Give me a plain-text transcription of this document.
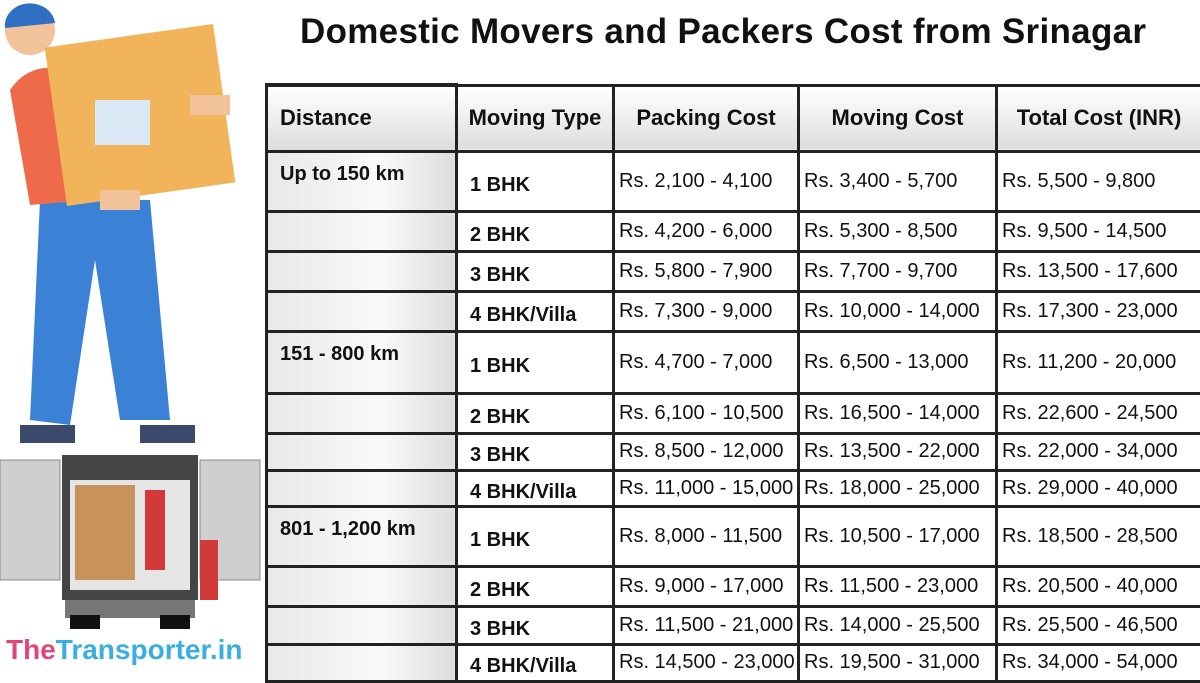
Domestic Movers and Packers Cost from Srinagar
TheTransporter.in
Distance	Moving Type	Packing Cost	Moving Cost	Total Cost (INR)
Up to 150 km	1 BHK	Rs. 2,100 - 4,100	Rs. 3,400 - 5,700	Rs. 5,500 - 9,800
	2 BHK	Rs. 4,200 - 6,000	Rs. 5,300 - 8,500	Rs. 9,500 - 14,500
	3 BHK	Rs. 5,800 - 7,900	Rs. 7,700 - 9,700	Rs. 13,500 - 17,600
	4 BHK/Villa	Rs. 7,300 - 9,000	Rs. 10,000 - 14,000	Rs. 17,300 - 23,000
151 - 800 km	1 BHK	Rs. 4,700 - 7,000	Rs. 6,500 - 13,000	Rs. 11,200 - 20,000
	2 BHK	Rs. 6,100 - 10,500	Rs. 16,500 - 14,000	Rs. 22,600 - 24,500
	3 BHK	Rs. 8,500 - 12,000	Rs. 13,500 - 22,000	Rs. 22,000 - 34,000
	4 BHK/Villa	Rs. 11,000 - 15,000	Rs. 18,000 - 25,000	Rs. 29,000 - 40,000
801 - 1,200 km	1 BHK	Rs. 8,000 - 11,500	Rs. 10,500 - 17,000	Rs. 18,500 - 28,500
	2 BHK	Rs. 9,000 - 17,000	Rs. 11,500 - 23,000	Rs. 20,500 - 40,000
	3 BHK	Rs. 11,500 - 21,000	Rs. 14,000 - 25,500	Rs. 25,500 - 46,500
	4 BHK/Villa	Rs. 14,500 - 23,000	Rs. 19,500 - 31,000	Rs. 34,000 - 54,000
